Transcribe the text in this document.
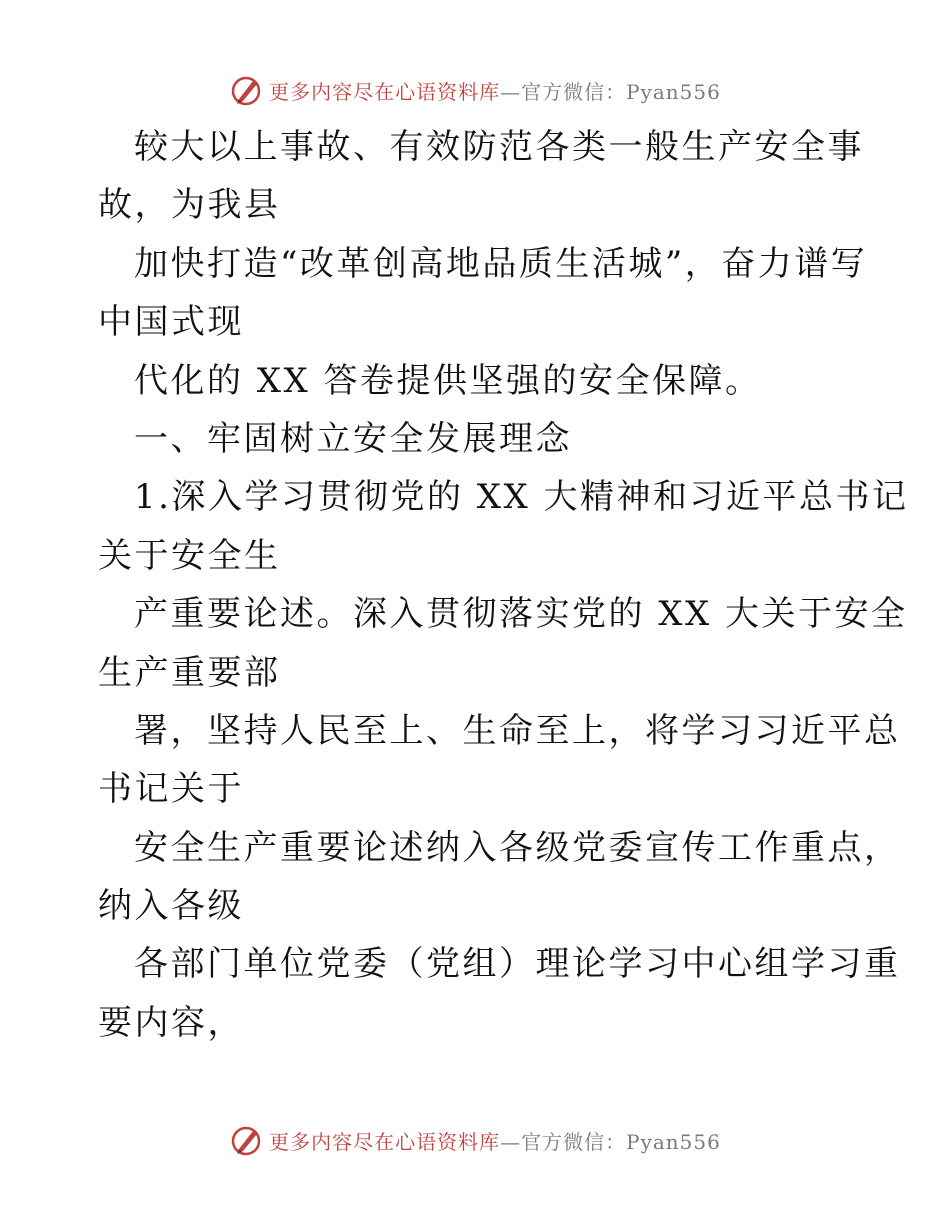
更多内容尽在心语资料库—官方微信：Pyan556
较大以上事故、有效防范各类一般生产安全事
故，为我县
加快打造“改革创高地品质生活城”，奋力谱写
中国式现
代化的 XX 答卷提供坚强的安全保障。
一、牢固树立安全发展理念
1.深入学习贯彻党的 XX 大精神和习近平总书记
关于安全生
产重要论述。深入贯彻落实党的 XX 大关于安全
生产重要部
署，坚持人民至上、生命至上，将学习习近平总
书记关于
安全生产重要论述纳入各级党委宣传工作重点，
纳入各级
各部门单位党委（党组）理论学习中心组学习重
要内容，
更多内容尽在心语资料库—官方微信：Pyan556
